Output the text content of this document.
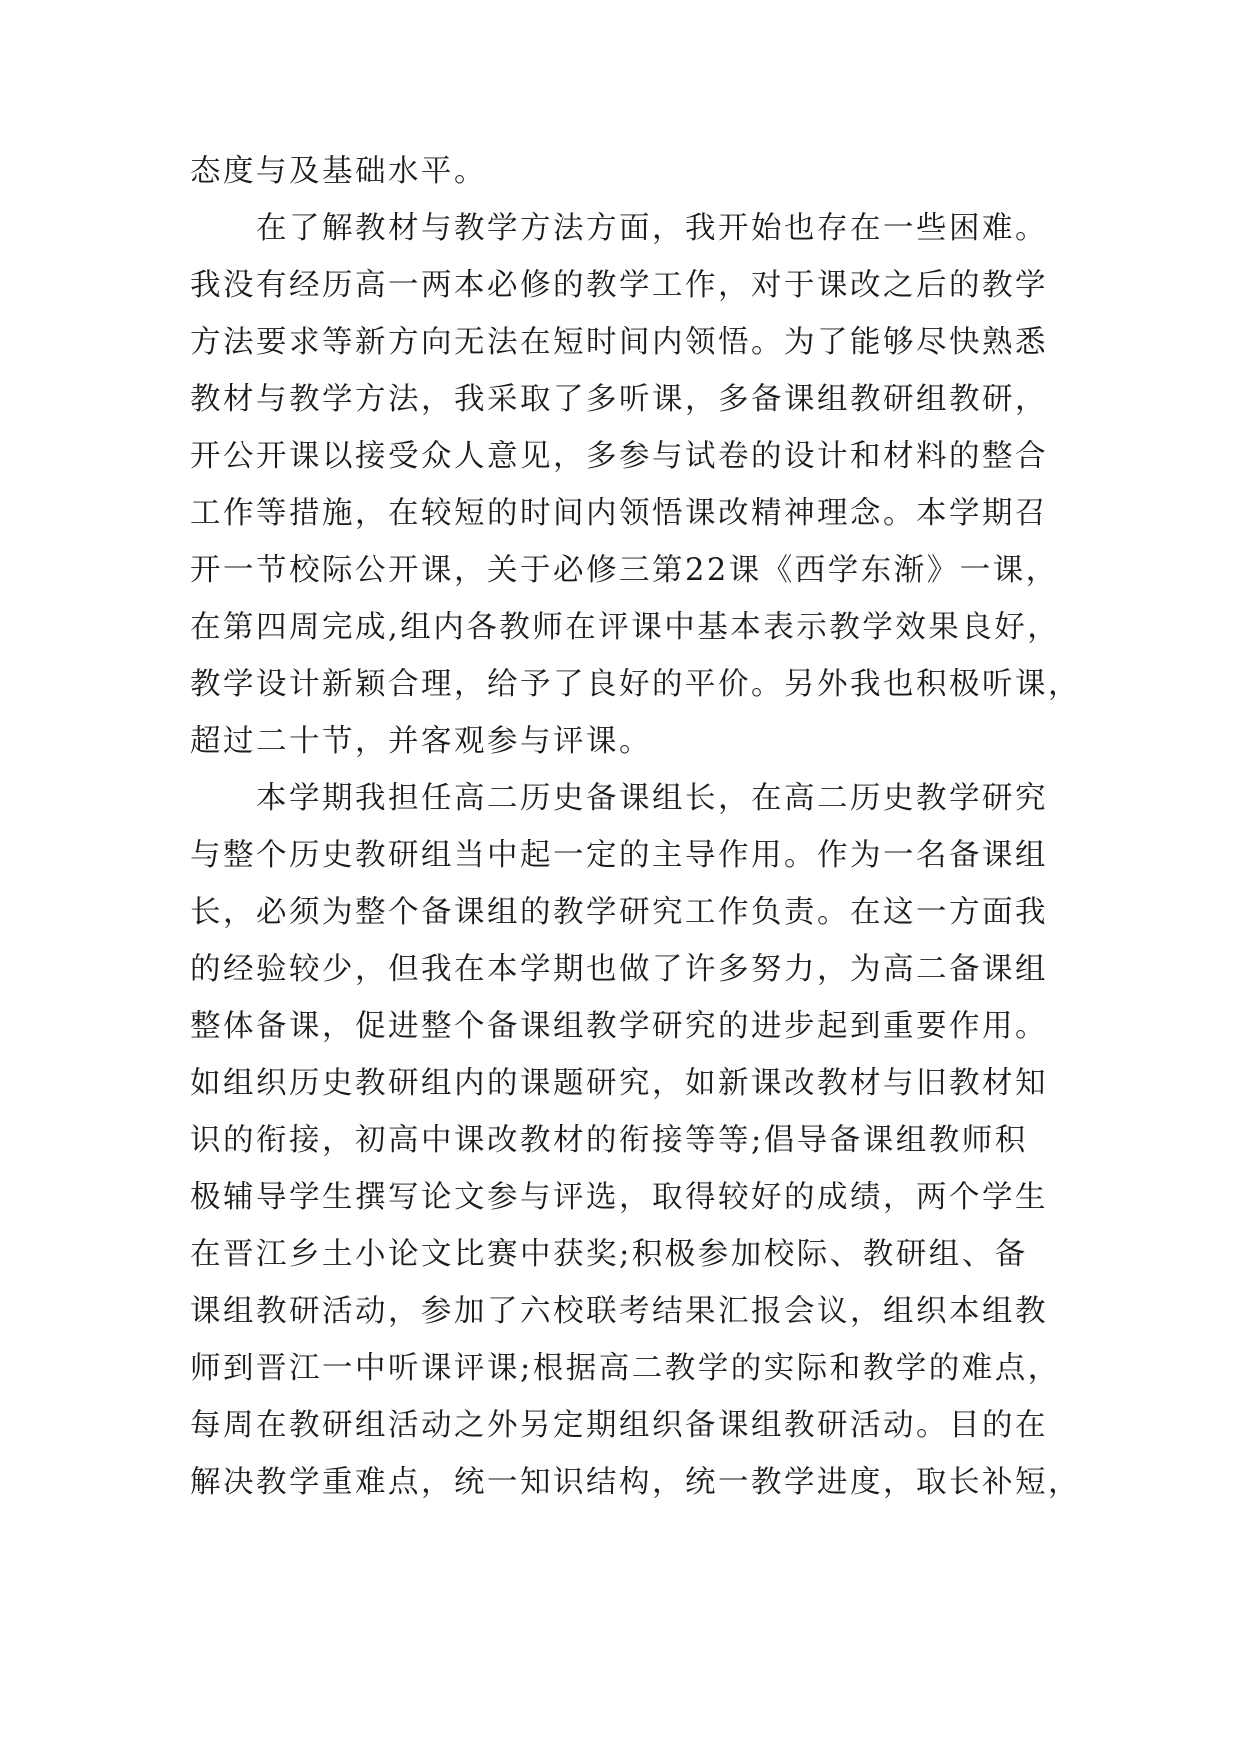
态度与及基础水平。
　　在了解教材与教学方法方面，我开始也存在一些困难。
我没有经历高一两本必修的教学工作，对于课改之后的教学
方法要求等新方向无法在短时间内领悟。为了能够尽快熟悉
教材与教学方法，我采取了多听课，多备课组教研组教研，
开公开课以接受众人意见，多参与试卷的设计和材料的整合
工作等措施，在较短的时间内领悟课改精神理念。本学期召
开一节校际公开课，关于必修三第22课《西学东渐》一课，
在第四周完成,组内各教师在评课中基本表示教学效果良好，
教学设计新颖合理，给予了良好的平价。另外我也积极听课，
超过二十节，并客观参与评课。
　　本学期我担任高二历史备课组长，在高二历史教学研究
与整个历史教研组当中起一定的主导作用。作为一名备课组
长，必须为整个备课组的教学研究工作负责。在这一方面我
的经验较少，但我在本学期也做了许多努力，为高二备课组
整体备课，促进整个备课组教学研究的进步起到重要作用。
如组织历史教研组内的课题研究，如新课改教材与旧教材知
识的衔接，初高中课改教材的衔接等等;倡导备课组教师积
极辅导学生撰写论文参与评选，取得较好的成绩，两个学生
在晋江乡土小论文比赛中获奖;积极参加校际、教研组、备
课组教研活动，参加了六校联考结果汇报会议，组织本组教
师到晋江一中听课评课;根据高二教学的实际和教学的难点，
每周在教研组活动之外另定期组织备课组教研活动。目的在
解决教学重难点，统一知识结构，统一教学进度，取长补短，
